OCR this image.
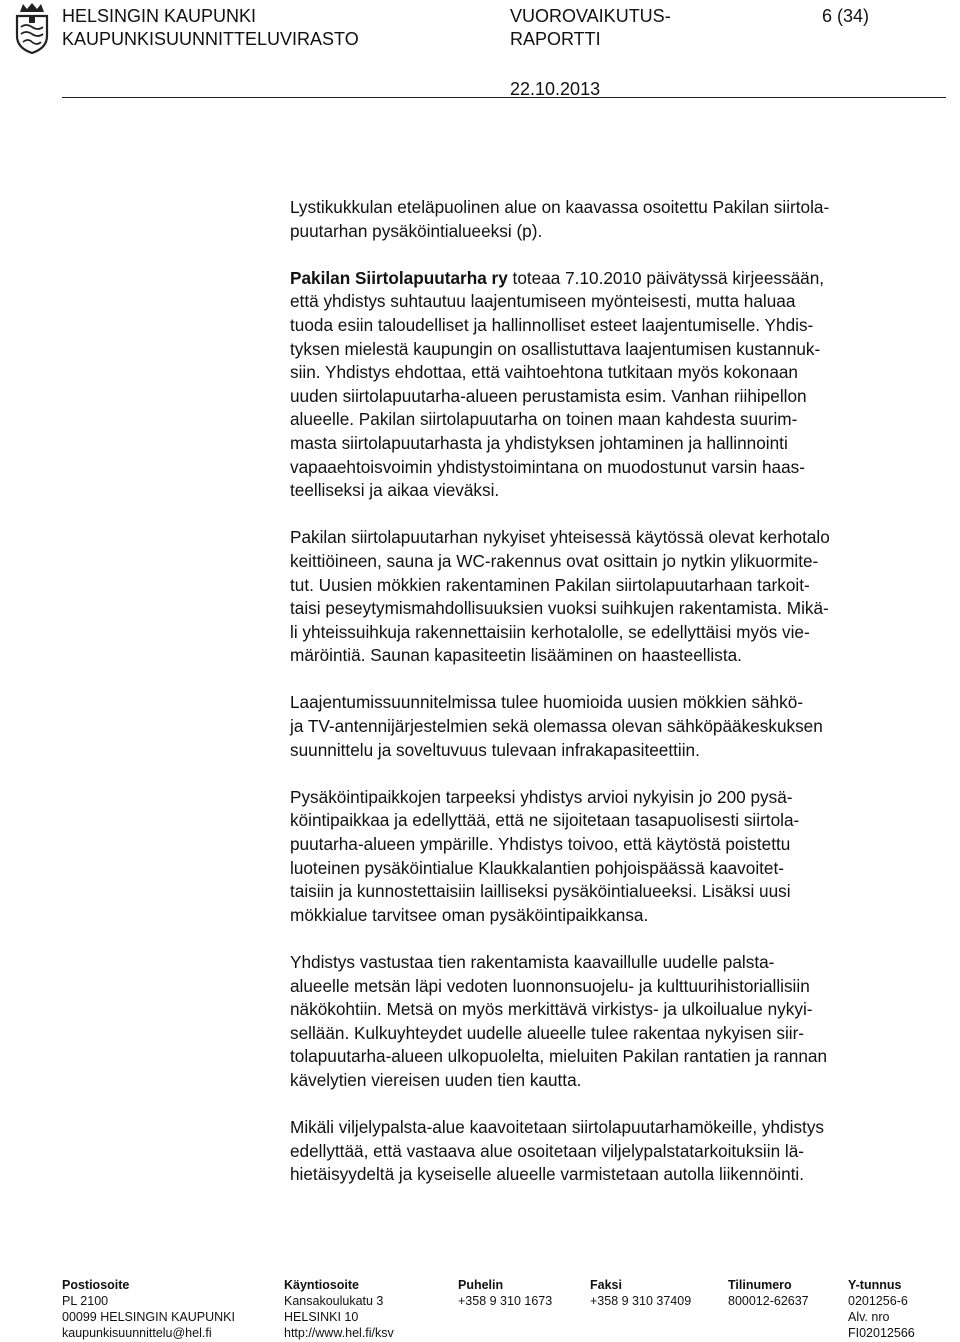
HELSINGIN KAUPUNKI
KAUPUNKISUUNNITTELUVIRASTO
VUOROVAIKUTUS-
RAPORTTI
6 (34)
22.10.2013

Lystikukkulan eteläpuolinen alue on kaavassa osoitettu Pakilan siirtola-
puutarhan pysäköintialueeksi (p).

Pakilan Siirtolapuutarha ry toteaa 7.10.2010 päivätyssä kirjeessään,
että yhdistys suhtautuu laajentumiseen myönteisesti, mutta haluaa
tuoda esiin taloudelliset ja hallinnolliset esteet laajentumiselle. Yhdis-
tyksen mielestä kaupungin on osallistuttava laajentumisen kustannuk-
siin. Yhdistys ehdottaa, että vaihtoehtona tutkitaan myös kokonaan
uuden siirtolapuutarha-alueen perustamista esim. Vanhan riihipellon
alueelle. Pakilan siirtolapuutarha on toinen maan kahdesta suurim-
masta siirtolapuutarhasta ja yhdistyksen johtaminen ja hallinnointi
vapaaehtoisvoimin yhdistystoimintana on muodostunut varsin haas-
teelliseksi ja aikaa vieväksi.

Pakilan siirtolapuutarhan nykyiset yhteisessä käytössä olevat kerhotalo
keittiöineen, sauna ja WC-rakennus ovat osittain jo nytkin ylikuormite-
tut. Uusien mökkien rakentaminen Pakilan siirtolapuutarhaan tarkoit-
taisi peseytymismahdollisuuksien vuoksi suihkujen rakentamista. Mikä-
li yhteissuihkuja rakennettaisiin kerhotalolle, se edellyttäisi myös vie-
märöintiä. Saunan kapasiteetin lisääminen on haasteellista.

Laajentumissuunnitelmissa tulee huomioida uusien mökkien sähkö-
ja TV-antennijärjestelmien sekä olemassa olevan sähköpääkeskuksen
suunnittelu ja soveltuvuus tulevaan infrakapasiteettiin.

Pysäköintipaikkojen tarpeeksi yhdistys arvioi nykyisin jo 200 pysä-
köintipaikkaa ja edellyttää, että ne sijoitetaan tasapuolisesti siirtola-
puutarha-alueen ympärille. Yhdistys toivoo, että käytöstä poistettu
luoteinen pysäköintialue Klaukkalantien pohjoispäässä kaavoitet-
taisiin ja kunnostettaisiin lailliseksi pysäköintialueeksi. Lisäksi uusi
mökkialue tarvitsee oman pysäköintipaikkansa.

Yhdistys vastustaa tien rakentamista kaavaillulle uudelle palsta-
alueelle metsän läpi vedoten luonnonsuojelu- ja kulttuurihistoriallisiin
näkökohtiin. Metsä on myös merkittävä virkistys- ja ulkoilualue nykyi-
sellään. Kulkuyhteydet uudelle alueelle tulee rakentaa nykyisen siir-
tolapuutarha-alueen ulkopuolelta, mieluiten Pakilan rantatien ja rannan
kävelytien viereisen uuden tien kautta.

Mikäli viljelypalsta-alue kaavoitetaan siirtolapuutarhamökeille, yhdistys
edellyttää, että vastaava alue osoitetaan viljelypalstatarkoituksiin lä-
hietäisyydeltä ja kyseiselle alueelle varmistetaan autolla liikennöinti.

Postiosoite
PL 2100
00099 HELSINGIN KAUPUNKI
kaupunkisuunnittelu@hel.fi
Käyntiosoite
Kansakoulukatu 3
HELSINKI 10
http://www.hel.fi/ksv
Puhelin
+358 9 310 1673
Faksi
+358 9 310 37409
Tilinumero
800012-62637
Y-tunnus
0201256-6
Alv. nro
FI02012566
